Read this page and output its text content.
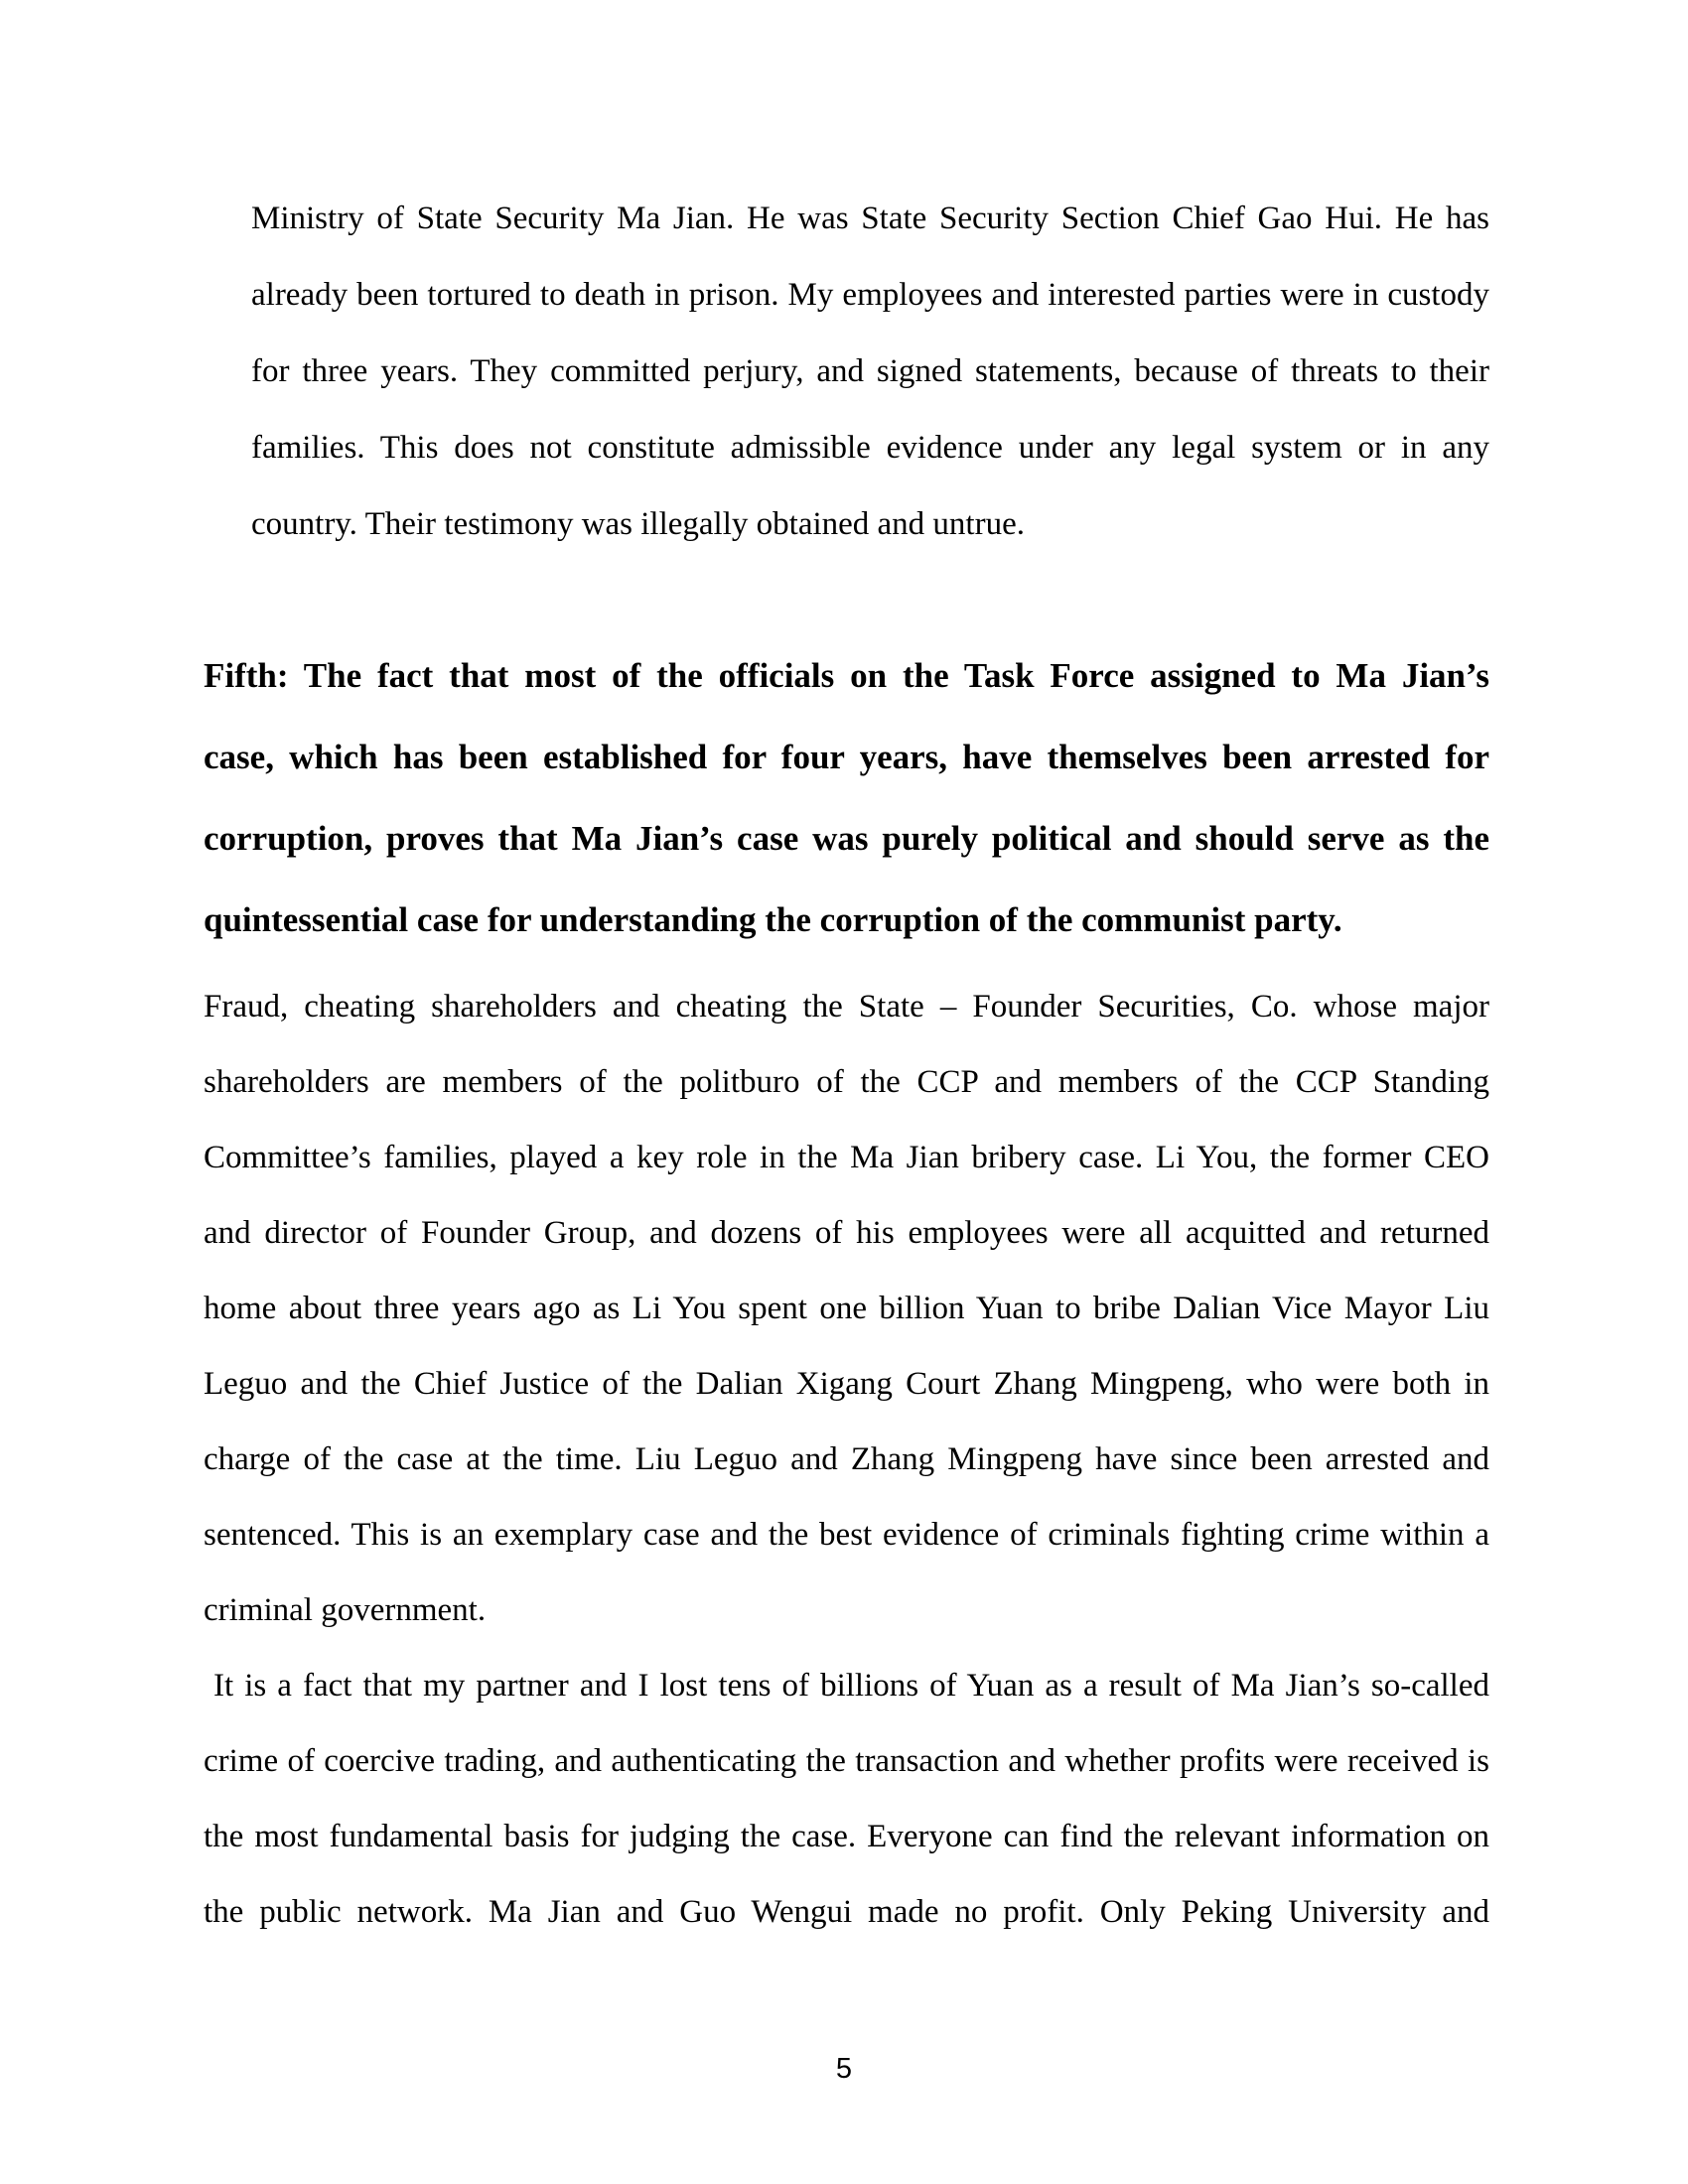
Ministry of State Security Ma Jian. He was State Security Section Chief Gao Hui. He has
already been tortured to death in prison. My employees and interested parties were in custody
for three years. They committed perjury, and signed statements, because of threats to their
families. This does not constitute admissible evidence under any legal system or in any
country. Their testimony was illegally obtained and untrue.
Fifth: The fact that most of the officials on the Task Force assigned to Ma Jian’s
case, which has been established for four years, have themselves been arrested for
corruption, proves that Ma Jian’s case was purely political and should serve as the
quintessential case for understanding the corruption of the communist party.
Fraud, cheating shareholders and cheating the State – Founder Securities, Co. whose major
shareholders are members of the politburo of the CCP and members of the CCP Standing
Committee’s families, played a key role in the Ma Jian bribery case. Li You, the former CEO
and director of Founder Group, and dozens of his employees were all acquitted and returned
home about three years ago as Li You spent one billion Yuan to bribe Dalian Vice Mayor Liu
Leguo and the Chief Justice of the Dalian Xigang Court Zhang Mingpeng, who were both in
charge of the case at the time. Liu Leguo and Zhang Mingpeng have since been arrested and
sentenced. This is an exemplary case and the best evidence of criminals fighting crime within a
criminal government.
It is a fact that my partner and I lost tens of billions of Yuan as a result of Ma Jian’s so-called
crime of coercive trading, and authenticating the transaction and whether profits were received is
the most fundamental basis for judging the case. Everyone can find the relevant information on
the public network. Ma Jian and Guo Wengui made no profit. Only Peking University and
5
